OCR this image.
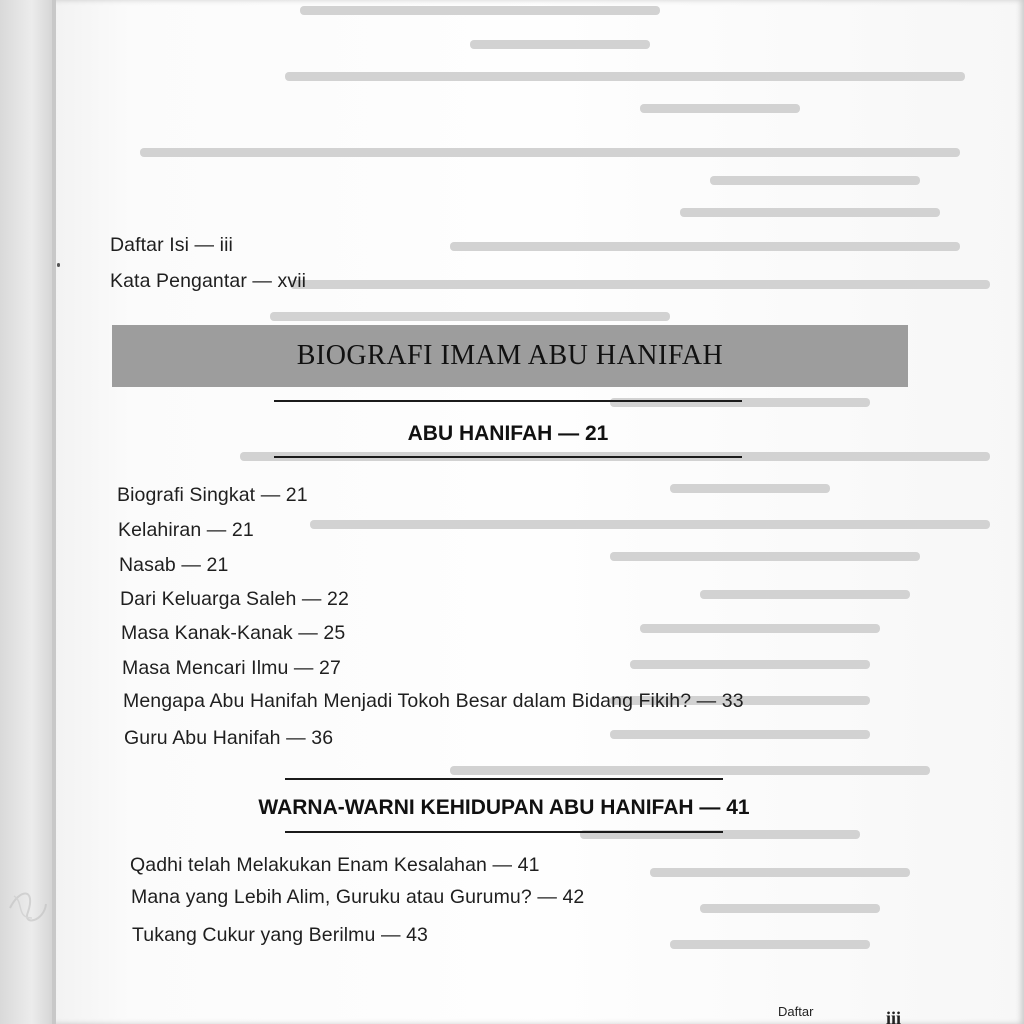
Daftar Isi — iii
Kata Pengantar — xvii
BIOGRAFI IMAM ABU HANIFAH
ABU HANIFAH — 21
Biografi Singkat — 21
Kelahiran — 21
Nasab — 21
Dari Keluarga Saleh — 22
Masa Kanak-Kanak — 25
Masa Mencari Ilmu — 27
Mengapa Abu Hanifah Menjadi Tokoh Besar dalam Bidang Fikih? — 33
Guru Abu Hanifah — 36
WARNA-WARNI KEHIDUPAN ABU HANIFAH — 41
Qadhi telah Melakukan Enam Kesalahan — 41
Mana yang Lebih Alim, Guruku atau Gurumu? — 42
Tukang Cukur yang Berilmu — 43
Daftar	iii
